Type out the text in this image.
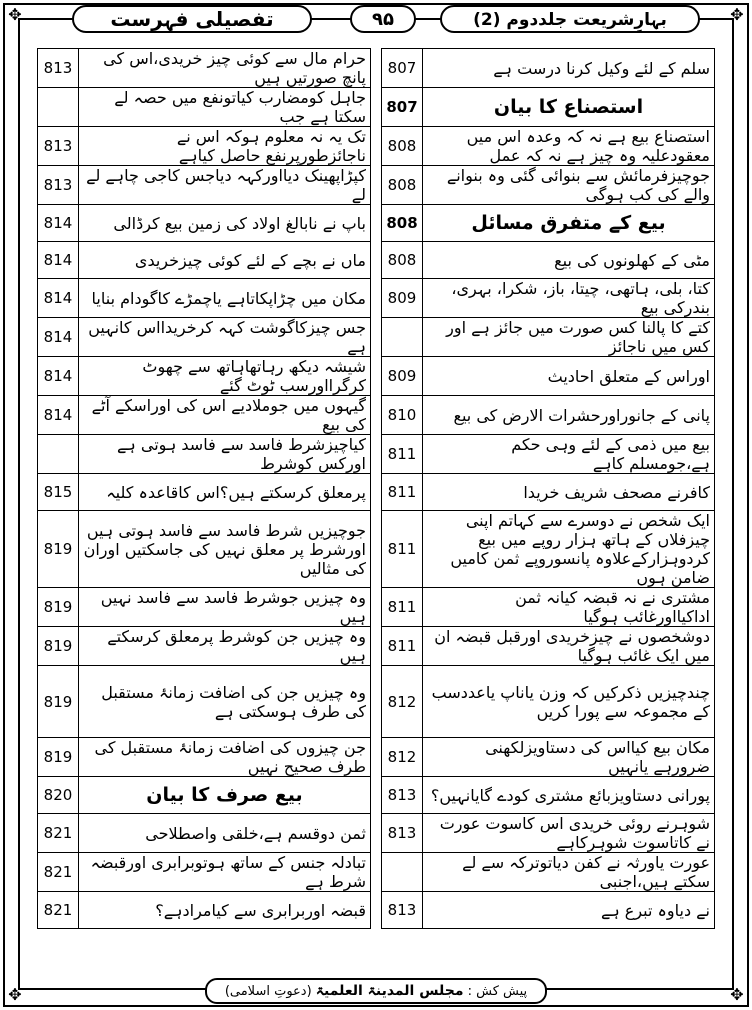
✥	✥
✥	✥
تفصیلی فہرست	۹۵	بہارِشریعت جلددوم (2)
813	حرام مال سے کوئی چیز خریدی،اس کی پانچ صورتیں ہیں		807	سلم کے لئے وکیل کرنا درست ہے
	جاہل کومضارب کیاتونفع میں حصہ لے سکتا ہے جب		807	استصناع کا بیان
813	تک یہ نہ معلوم ہوکہ اس نے ناجائزطورپرنفع حاصل کیاہے		808	استصناع بیع ہے نہ کہ وعدہ اس میں معقودعلیہ وہ چیز ہے نہ کہ عمل
813	کپڑاپھینک دیااورکہہ دیاجس کاجی چاہے لے لے		808	جوچیزفرمائش سے بنوائی گئی وہ بنوانے والے کی کب ہوگی
814	باپ نے نابالغ اولاد کی زمین بیع کرڈالی		808	بیع کے متفرق مسائل
814	ماں نے بچے کے لئے کوئی چیزخریدی		808	مٹی کے کھلونوں کی بیع
814	مکان میں چڑاپکاتاہے یاچمڑے کاگودام بنایا		809	کتا، بلی، ہاتھی، چیتا، باز، شکرا، بہری، بندرکی بیع
814	جس چیزکاگوشت کہہ کرخریدااس کانہیں ہے			کتے کا پالنا کس صورت میں جائز ہے اور کس میں ناجائز
814	شیشہ دیکھ رہاتھاہاتھ سے چھوٹ کرگرااورسب ٹوٹ گئے		809	اوراس کے متعلق احادیث
814	گیہوں میں جوملادیے اس کی اوراسکے آٹے کی بیع		810	پانی کے جانوراورحشرات الارض کی بیع
	کیاچیزشرط فاسد سے فاسد ہوتی ہے اورکس کوشرط		811	بیع میں ذمی کے لئے وہی حکم ہے،جومسلم کاہے
815	پرمعلق کرسکتے ہیں؟اس کاقاعدہ کلیہ		811	کافرنے مصحف شریف خریدا
819	جوچیزیں شرط فاسد سے فاسد ہوتی ہیں اورشرط پر معلق نہیں کی جاسکتیں اوران کی مثالیں		811	ایک شخص نے دوسرے سے کہاتم اپنی چیزفلاں کے ہاتھ ہزار روپے میں بیع کردوہزارکےعلاوہ پانسوروپے ثمن کامیں ضامن ہوں
819	وہ چیزیں جوشرط فاسد سے فاسد نہیں ہیں		811	مشتری نے نہ قبضہ کیانہ ثمن اداکیااورغائب ہوگیا
819	وہ چیزیں جن کوشرط پرمعلق کرسکتے ہیں		811	دوشخصوں نے چیزخریدی اورقبل قبضہ ان میں ایک غائب ہوگیا
819	وہ چیزیں جن کی اضافت زمانۂ مستقبل کی طرف ہوسکتی ہے		812	چندچیزیں ذکرکیں کہ وزن یاناپ یاعددسب کے مجموعہ سے پورا کریں
819	جن چیزوں کی اضافت زمانۂ مستقبل کی طرف صحیح نہیں		812	مکان بیع کیااس کی دستاویزلکھنی ضرورہے یانہیں
820	بیع صرف کا بیان		813	پورانی دستاویزبائع مشتری کودے گایانہیں؟
821	ثمن دوقسم ہے،خلقی واصطلاحی		813	شوہرنے روئی خریدی اس کاسوت عورت نے کاتاسوت شوہرکاہے
821	تبادلہ جنس کے ساتھ ہوتوبرابری اورقبضہ شرط ہے			عورت یاورثہ نے کفن دیاتوترکہ سے لے سکتے ہیں،اجنبی
821	قبضہ اوربرابری سے کیامرادہے؟		813	نے دیاوہ تبرع ہے
پیش کش : مجلس المدینۃ العلمیۃ (دعوتِ اسلامی)
